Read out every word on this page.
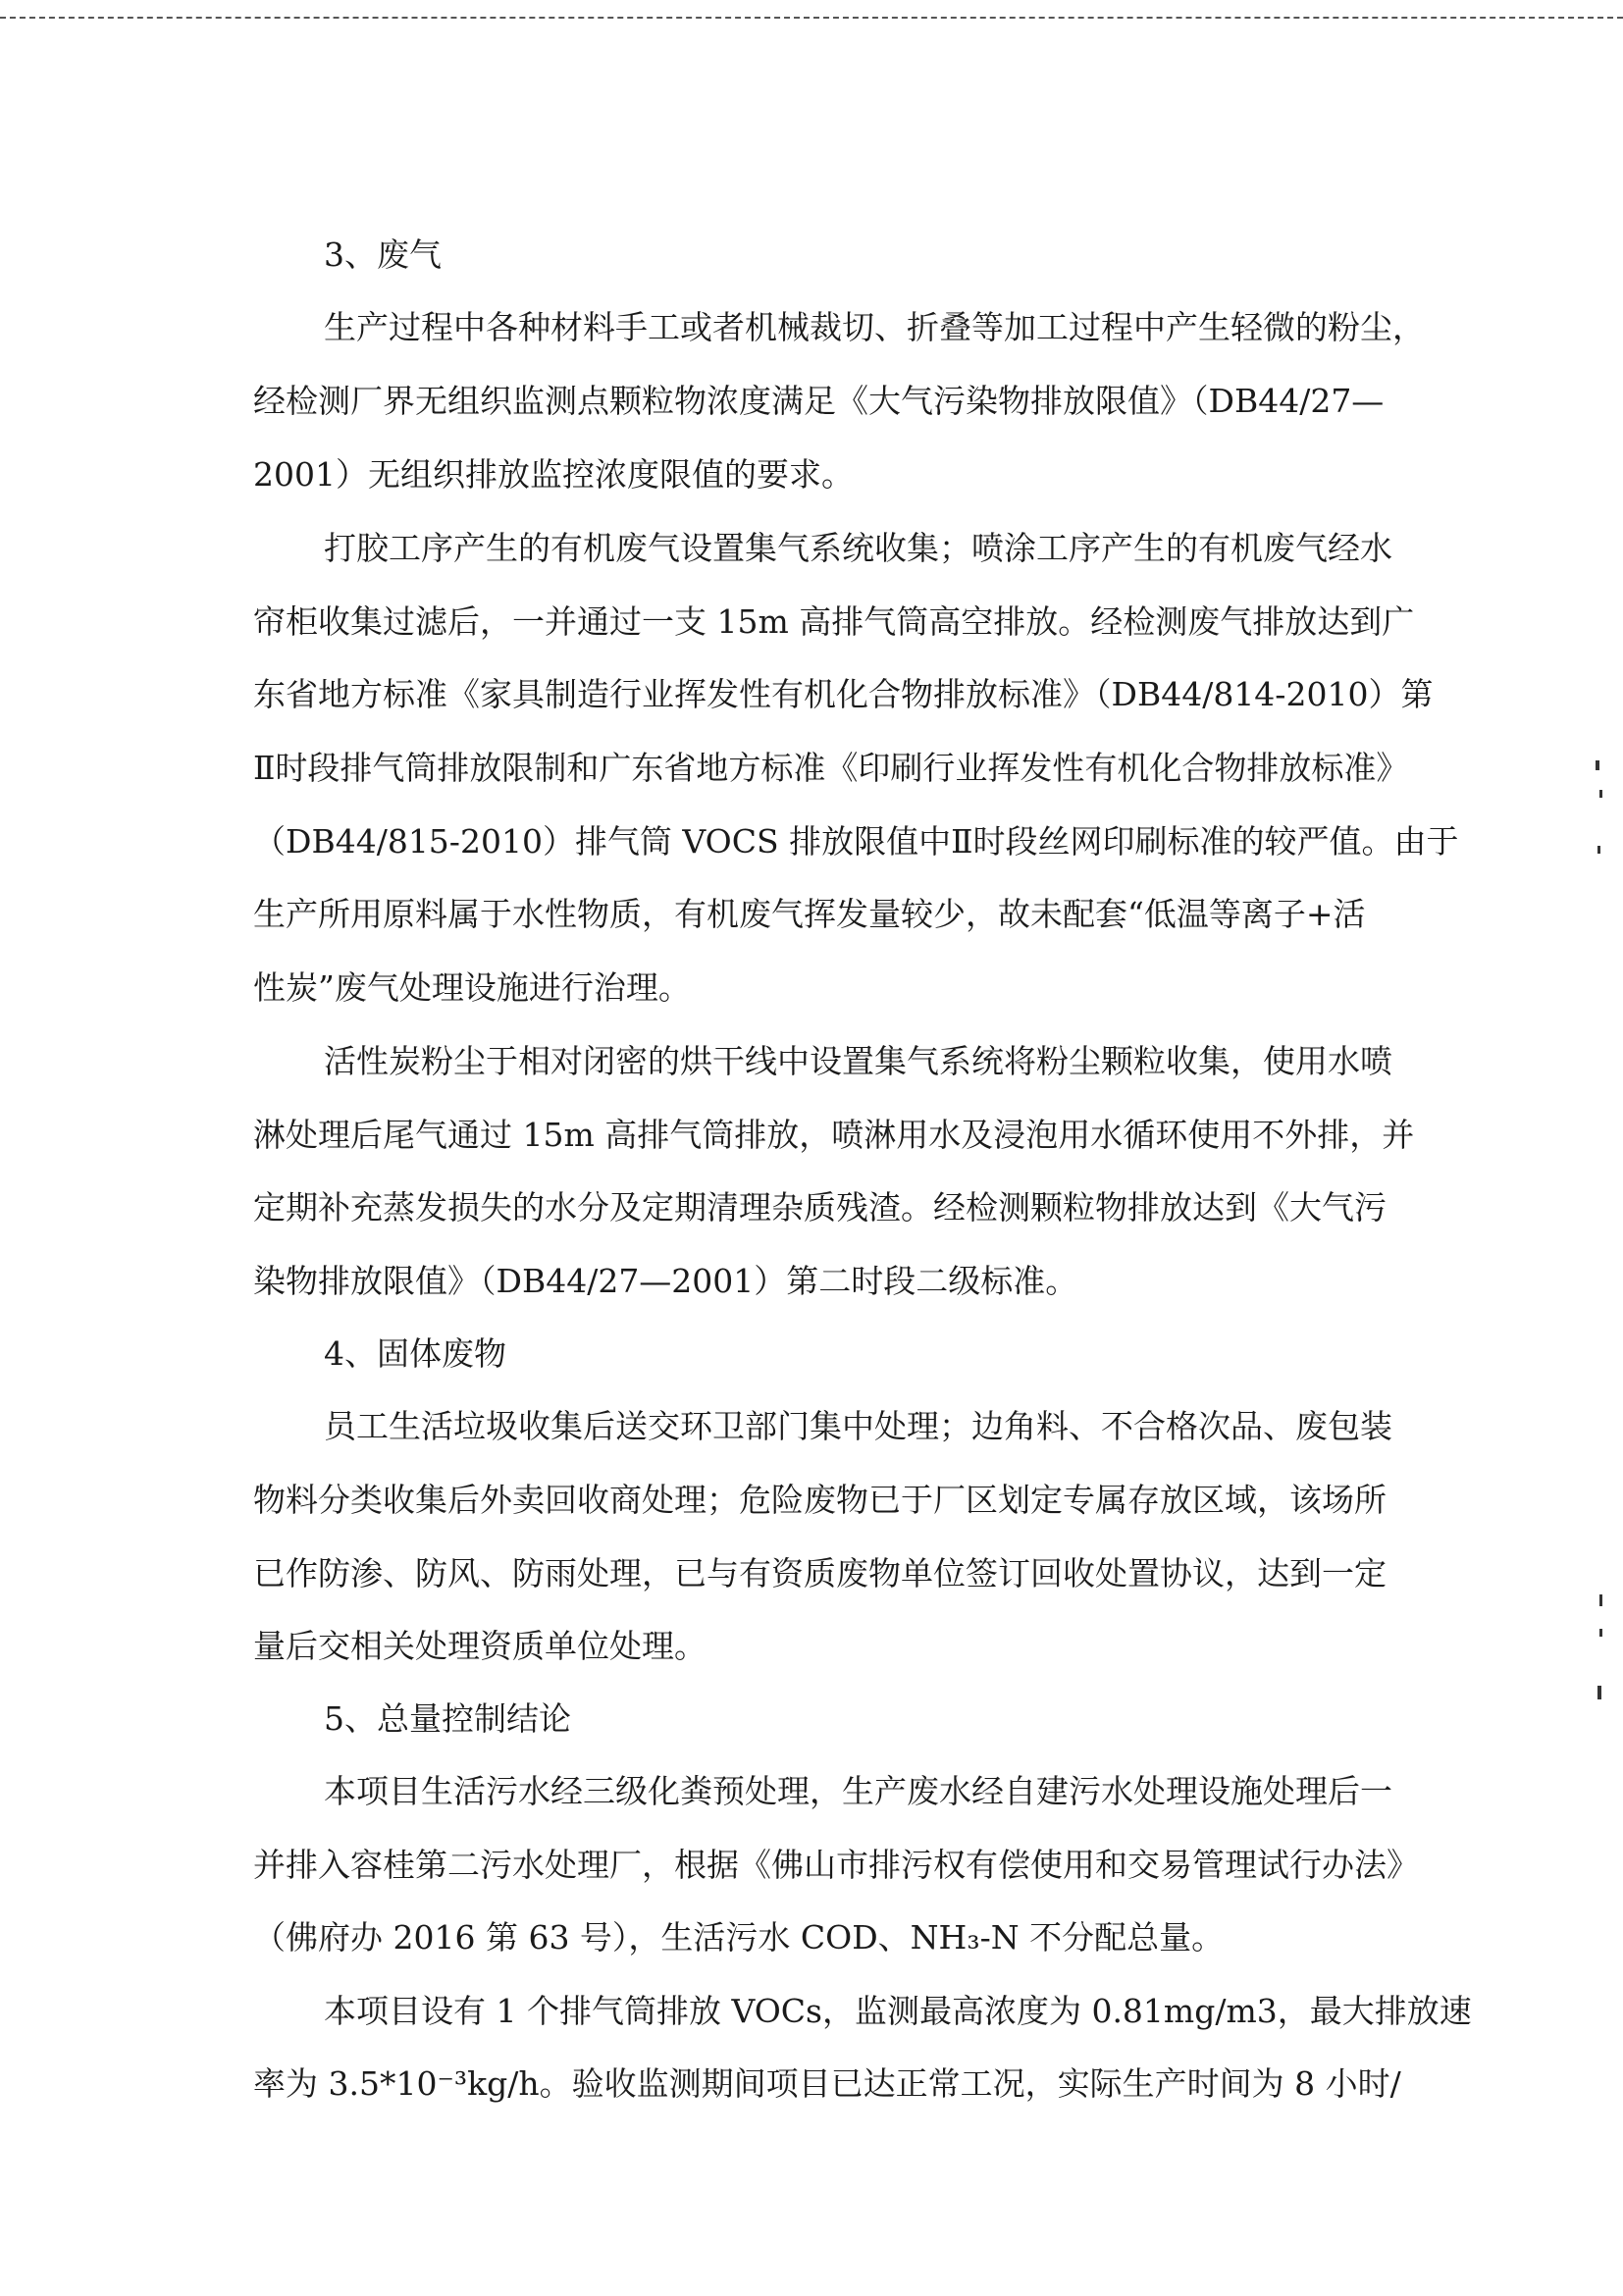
3、废气
生产过程中各种材料手工或者机械裁切、折叠等加工过程中产生轻微的粉尘，
经检测厂界无组织监测点颗粒物浓度满足《大气污染物排放限值》（DB44/27—
2001）无组织排放监控浓度限值的要求。
打胶工序产生的有机废气设置集气系统收集；喷涂工序产生的有机废气经水
帘柜收集过滤后，一并通过一支 15m 高排气筒高空排放。经检测废气排放达到广
东省地方标准《家具制造行业挥发性有机化合物排放标准》（DB44/814-2010）第
Ⅱ时段排气筒排放限制和广东省地方标准《印刷行业挥发性有机化合物排放标准》
（DB44/815-2010）排气筒 VOCS 排放限值中Ⅱ时段丝网印刷标准的较严值。由于
生产所用原料属于水性物质，有机废气挥发量较少，故未配套“低温等离子+活
性炭”废气处理设施进行治理。
活性炭粉尘于相对闭密的烘干线中设置集气系统将粉尘颗粒收集，使用水喷
淋处理后尾气通过 15m 高排气筒排放，喷淋用水及浸泡用水循环使用不外排，并
定期补充蒸发损失的水分及定期清理杂质残渣。经检测颗粒物排放达到《大气污
染物排放限值》（DB44/27—2001）第二时段二级标准。
4、固体废物
员工生活垃圾收集后送交环卫部门集中处理；边角料、不合格次品、废包装
物料分类收集后外卖回收商处理；危险废物已于厂区划定专属存放区域，该场所
已作防渗、防风、防雨处理，已与有资质废物单位签订回收处置协议，达到一定
量后交相关处理资质单位处理。
5、总量控制结论
本项目生活污水经三级化粪预处理，生产废水经自建污水处理设施处理后一
并排入容桂第二污水处理厂，根据《佛山市排污权有偿使用和交易管理试行办法》
（佛府办 2016 第 63 号），生活污水 COD、NH₃-N 不分配总量。
本项目设有 1 个排气筒排放 VOCs，监测最高浓度为 0.81mg/m3，最大排放速
率为 3.5*10⁻³kg/h。验收监测期间项目已达正常工况，实际生产时间为 8 小时/
